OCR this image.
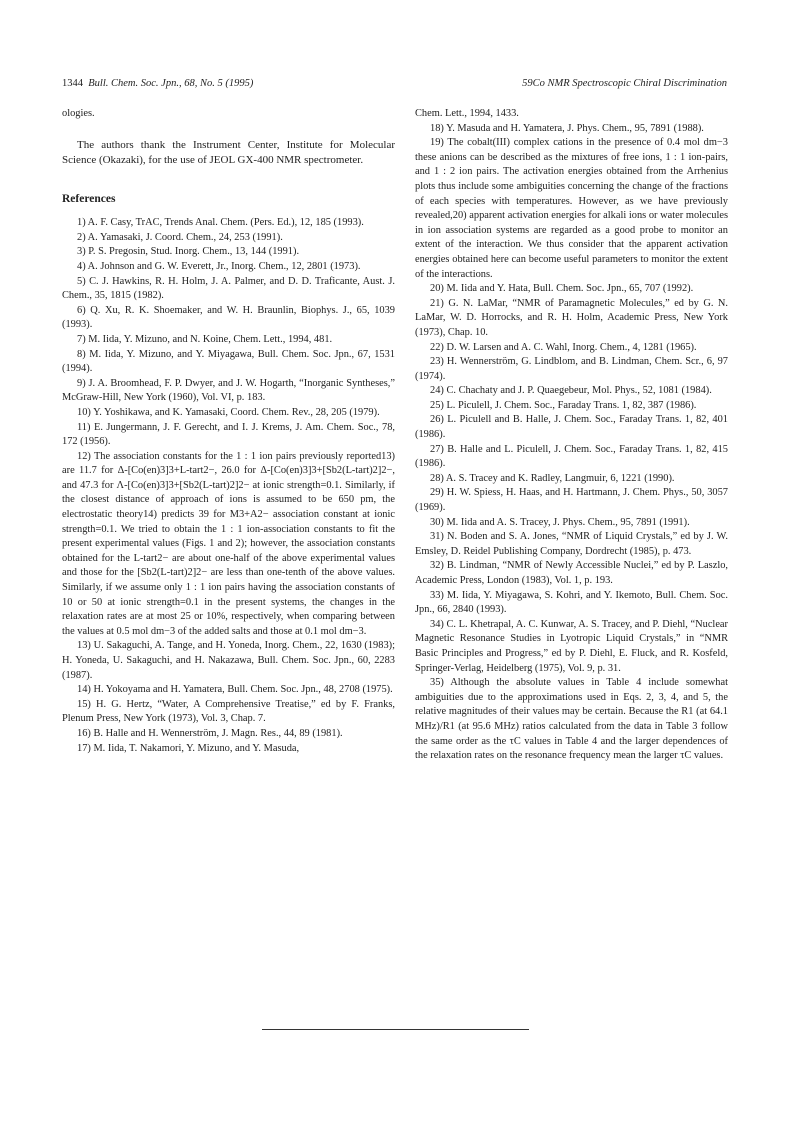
1344 Bull. Chem. Soc. Jpn., 68, No. 5 (1995)	59Co NMR Spectroscopic Chiral Discrimination

ologies.

The authors thank the Instrument Center, Institute for Molecular Science (Okazaki), for the use of JEOL GX-400 NMR spectrometer.

References

1) A. F. Casy, TrAC, Trends Anal. Chem. (Pers. Ed.), 12, 185 (1993).

2) A. Yamasaki, J. Coord. Chem., 24, 253 (1991).

3) P. S. Pregosin, Stud. Inorg. Chem., 13, 144 (1991).

4) A. Johnson and G. W. Everett, Jr., Inorg. Chem., 12, 2801 (1973).

5) C. J. Hawkins, R. H. Holm, J. A. Palmer, and D. D. Traficante, Aust. J. Chem., 35, 1815 (1982).

6) Q. Xu, R. K. Shoemaker, and W. H. Braunlin, Biophys. J., 65, 1039 (1993).

7) M. Iida, Y. Mizuno, and N. Koine, Chem. Lett., 1994, 481.

8) M. Iida, Y. Mizuno, and Y. Miyagawa, Bull. Chem. Soc. Jpn., 67, 1531 (1994).

9) J. A. Broomhead, F. P. Dwyer, and J. W. Hogarth, “Inorganic Syntheses,” McGraw-Hill, New York (1960), Vol. VI, p. 183.

10) Y. Yoshikawa, and K. Yamasaki, Coord. Chem. Rev., 28, 205 (1979).

11) E. Jungermann, J. F. Gerecht, and I. J. Krems, J. Am. Chem. Soc., 78, 172 (1956).

12) The association constants for the 1 : 1 ion pairs previously reported13) are 11.7 for Δ-[Co(en)3]3+L-tart2−, 26.0 for Δ-[Co(en)3]3+[Sb2(L-tart)2]2−, and 47.3 for Λ-[Co(en)3]3+[Sb2(L-tart)2]2− at ionic strength=0.1. Similarly, if the closest distance of approach of ions is assumed to be 650 pm, the electrostatic theory14) predicts 39 for M3+A2− association constant at ionic strength=0.1. We tried to obtain the 1 : 1 ion-association constants to fit the present experimental values (Figs. 1 and 2); however, the association constants obtained for the L-tart2− are about one-half of the above experimental values and those for the [Sb2(L-tart)2]2− are less than one-tenth of the above values. Similarly, if we assume only 1 : 1 ion pairs having the association constants of 10 or 50 at ionic strength=0.1 in the present systems, the changes in the relaxation rates are at most 25 or 10%, respectively, when comparing between the values at 0.5 mol dm−3 of the added salts and those at 0.1 mol dm−3.

13) U. Sakaguchi, A. Tange, and H. Yoneda, Inorg. Chem., 22, 1630 (1983); H. Yoneda, U. Sakaguchi, and H. Nakazawa, Bull. Chem. Soc. Jpn., 60, 2283 (1987).

14) H. Yokoyama and H. Yamatera, Bull. Chem. Soc. Jpn., 48, 2708 (1975).

15) H. G. Hertz, “Water, A Comprehensive Treatise,” ed by F. Franks, Plenum Press, New York (1973), Vol. 3, Chap. 7.

16) B. Halle and H. Wennerström, J. Magn. Res., 44, 89 (1981).

17) M. Iida, T. Nakamori, Y. Mizuno, and Y. Masuda,

Chem. Lett., 1994, 1433.

18) Y. Masuda and H. Yamatera, J. Phys. Chem., 95, 7891 (1988).

19) The cobalt(III) complex cations in the presence of 0.4 mol dm−3 these anions can be described as the mixtures of free ions, 1 : 1 ion-pairs, and 1 : 2 ion pairs. The activation energies obtained from the Arrhenius plots thus include some ambiguities concerning the change of the fractions of each species with temperatures. However, as we have previously revealed,20) apparent activation energies for alkali ions or water molecules in ion association systems are regarded as a good probe to monitor an extent of the interaction. We thus consider that the apparent activation energies obtained here can become useful parameters to monitor the extent of the interactions.

20) M. Iida and Y. Hata, Bull. Chem. Soc. Jpn., 65, 707 (1992).

21) G. N. LaMar, “NMR of Paramagnetic Molecules,” ed by G. N. LaMar, W. D. Horrocks, and R. H. Holm, Academic Press, New York (1973), Chap. 10.

22) D. W. Larsen and A. C. Wahl, Inorg. Chem., 4, 1281 (1965).

23) H. Wennerström, G. Lindblom, and B. Lindman, Chem. Scr., 6, 97 (1974).

24) C. Chachaty and J. P. Quaegebeur, Mol. Phys., 52, 1081 (1984).

25) L. Piculell, J. Chem. Soc., Faraday Trans. 1, 82, 387 (1986).

26) L. Piculell and B. Halle, J. Chem. Soc., Faraday Trans. 1, 82, 401 (1986).

27) B. Halle and L. Piculell, J. Chem. Soc., Faraday Trans. 1, 82, 415 (1986).

28) A. S. Tracey and K. Radley, Langmuir, 6, 1221 (1990).

29) H. W. Spiess, H. Haas, and H. Hartmann, J. Chem. Phys., 50, 3057 (1969).

30) M. Iida and A. S. Tracey, J. Phys. Chem., 95, 7891 (1991).

31) N. Boden and S. A. Jones, “NMR of Liquid Crystals,” ed by J. W. Emsley, D. Reidel Publishing Company, Dordrecht (1985), p. 473.

32) B. Lindman, “NMR of Newly Accessible Nuclei,” ed by P. Laszlo, Academic Press, London (1983), Vol. 1, p. 193.

33) M. Iida, Y. Miyagawa, S. Kohri, and Y. Ikemoto, Bull. Chem. Soc. Jpn., 66, 2840 (1993).

34) C. L. Khetrapal, A. C. Kunwar, A. S. Tracey, and P. Diehl, “Nuclear Magnetic Resonance Studies in Lyotropic Liquid Crystals,” in “NMR Basic Principles and Progress,” ed by P. Diehl, E. Fluck, and R. Kosfeld, Springer-Verlag, Heidelberg (1975), Vol. 9, p. 31.

35) Although the absolute values in Table 4 include somewhat ambiguities due to the approximations used in Eqs. 2, 3, 4, and 5, the relative magnitudes of their values may be certain. Because the R1 (at 64.1 MHz)/R1 (at 95.6 MHz) ratios calculated from the data in Table 3 follow the same order as the τC values in Table 4 and the larger dependences of the relaxation rates on the resonance frequency mean the larger τC values.
